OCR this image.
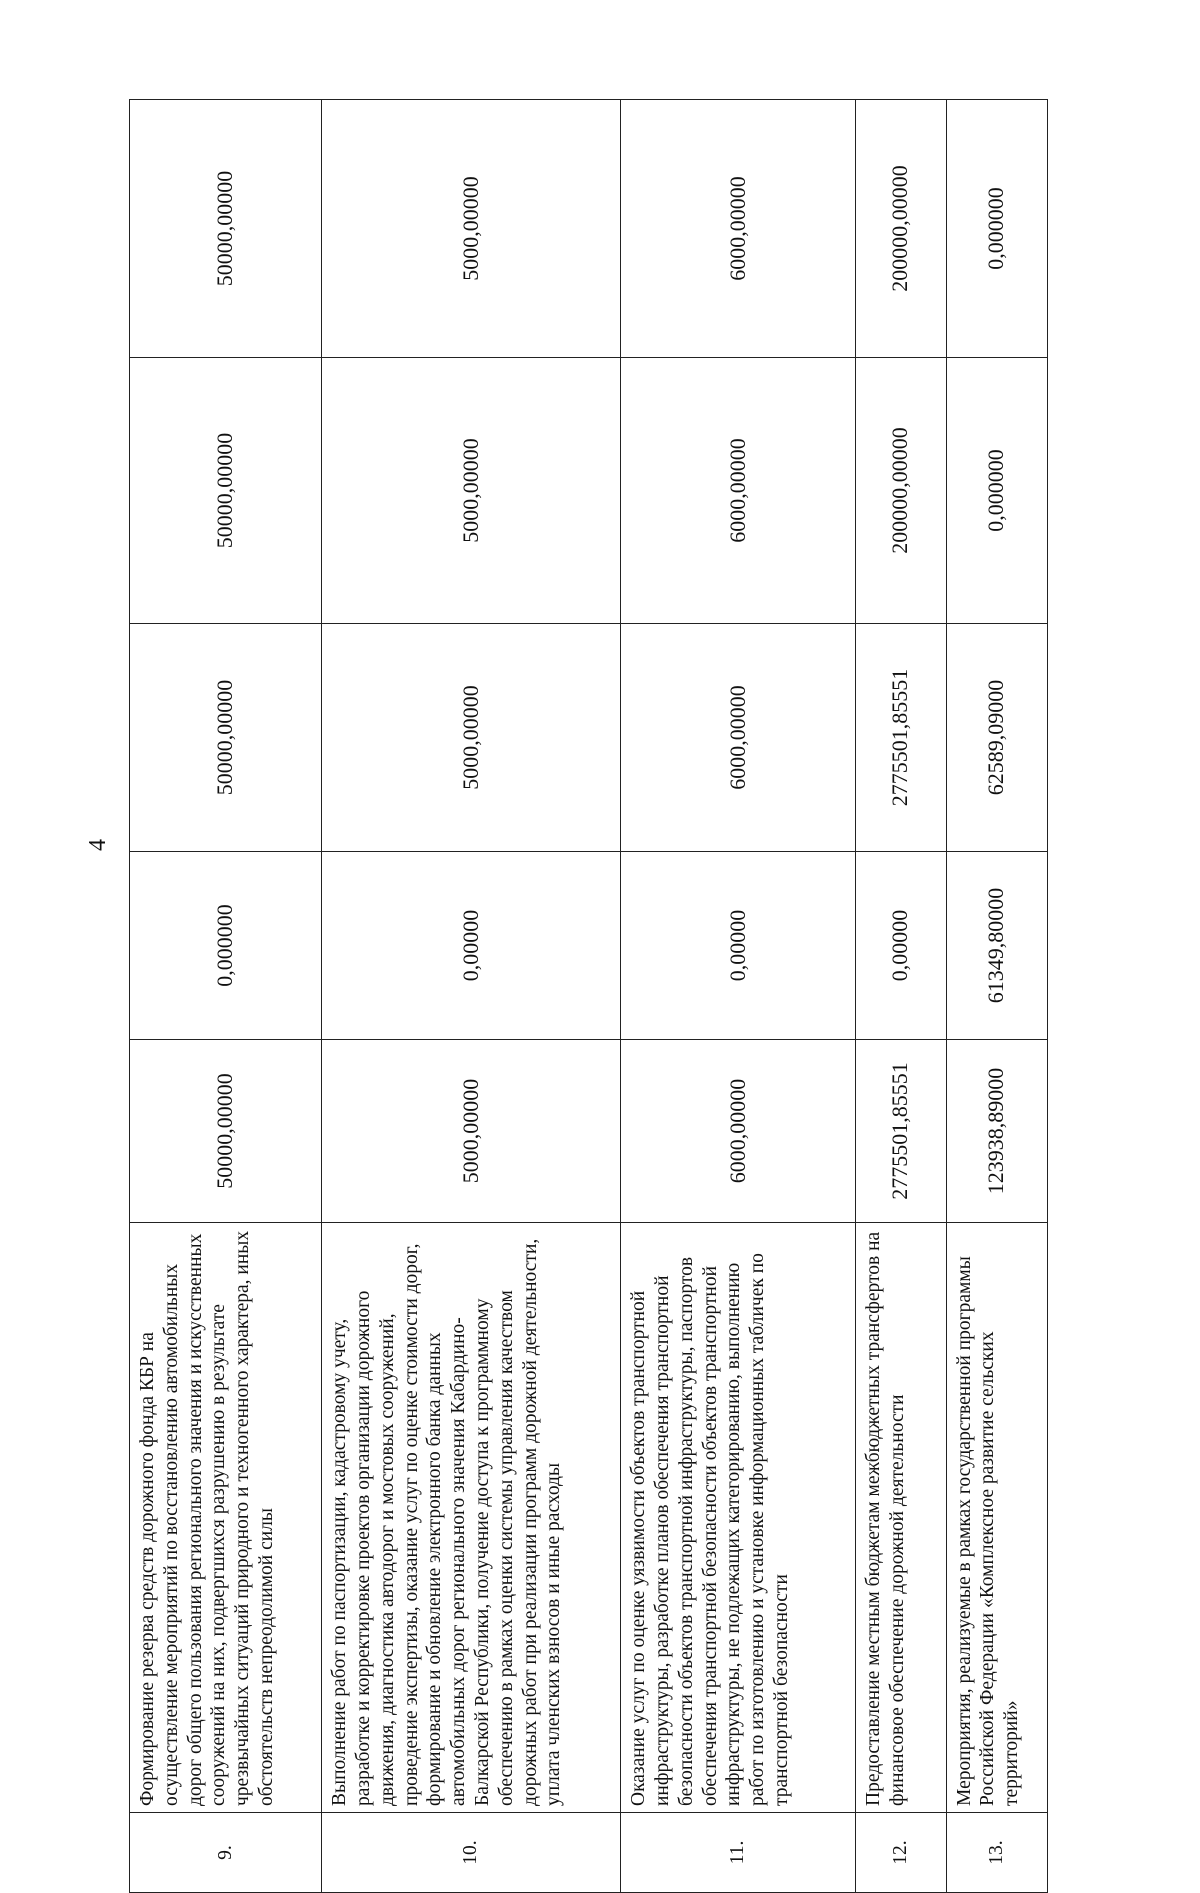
4
9.	Формирование резерва средств дорожного фонда КБР на осуществление мероприятий по восстановлению автомобильных дорог общего пользования регионального значения и искусственных сооружений на них, подвергшихся разрушению в результате чрезвычайных ситуаций природного и техногенного характера, иных обстоятельств непреодолимой силы	50000,00000	0,000000	50000,00000	50000,00000	50000,00000
10.	Выполнение работ по паспортизации, кадастровому учету, разработке и корректировке проектов организации дорожного движения, диагностика автодорог и мостовых сооружений, проведение экспертизы, оказание услуг по оценке стоимости дорог, формирование и обновление электронного банка данных автомобильных дорог регионального значения Кабардино-Балкарской Республики, получение доступа к программному обеспечению в рамках оценки системы управления качеством дорожных работ при реализации программ дорожной деятельности, уплата членских взносов и иные расходы	5000,00000	0,00000	5000,00000	5000,00000	5000,00000
11.	Оказание услуг по оценке уязвимости объектов транспортной инфраструктуры, разработке планов обеспечения транспортной безопасности объектов транспортной инфраструктуры, паспортов обеспечения транспортной безопасности объектов транспортной инфраструктуры, не подлежащих категорированию, выполнению работ по изготовлению и установке информационных табличек по транспортной безопасности	6000,00000	0,00000	6000,00000	6000,00000	6000,00000
12.	Предоставление местным бюджетам межбюджетных трансфертов на финансовое обеспечение дорожной деятельности	2775501,85551	0,00000	2775501,85551	200000,00000	200000,00000
13.	Мероприятия, реализуемые в рамках государственной программы Российской Федерации «Комплексное развитие сельских территорий»	123938,89000	61349,80000	62589,09000	0,000000	0,000000
